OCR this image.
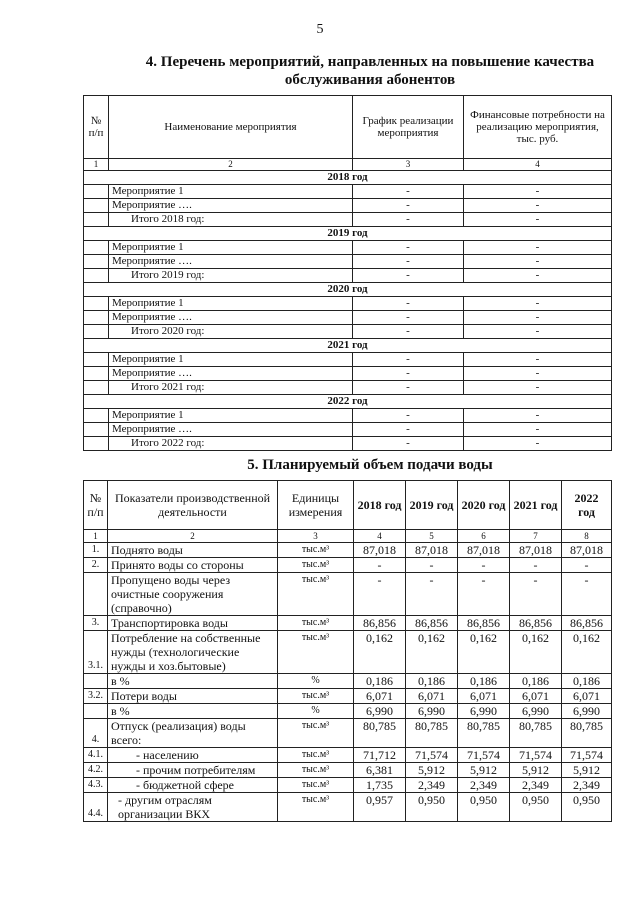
5
4. Перечень мероприятий, направленных на повышение качества
обслуживания абонентов
№ п/п	Наименование мероприятия	График реализации мероприятия	Финансовые потребности на реализацию мероприятия, тыс. руб.
1	2	3	4
2018 год			
	Мероприятие 1	-	-
	Мероприятие ….	-	-
	Итого 2018 год:	-	-
2019 год			
	Мероприятие 1	-	-
	Мероприятие ….	-	-
	Итого 2019 год:	-	-
2020 год			
	Мероприятие 1	-	-
	Мероприятие ….	-	-
	Итого 2020 год:	-	-
2021 год			
	Мероприятие 1	-	-
	Мероприятие ….	-	-
	Итого 2021 год:	-	-
2022 год			
	Мероприятие 1	-	-
	Мероприятие ….	-	-
	Итого 2022 год:	-	-
5. Планируемый объем подачи воды
№ п/п	Показатели производственной деятельности	Единицы измерения	2018 год	2019 год	2020 год	2021 год	2022 год
1	2	3	4	5	6	7	8
1.	Поднято воды	тыс.м³	87,018	87,018	87,018	87,018	87,018
2.	Принято воды со стороны	тыс.м³	-	-	-	-	-
	Пропущено воды через очистные сооружения (справочно)	тыс.м³	-	-	-	-	-
3.	Транспортировка воды	тыс.м³	86,856	86,856	86,856	86,856	86,856
3.1.	Потребление на собственные нужды (технологические нужды и хоз.бытовые)	тыс.м³	0,162	0,162	0,162	0,162	0,162
	в %	%	0,186	0,186	0,186	0,186	0,186
3.2.	Потери воды	тыс.м³	6,071	6,071	6,071	6,071	6,071
	в %	%	6,990	6,990	6,990	6,990	6,990
4.	Отпуск (реализация) воды всего:	тыс.м³	80,785	80,785	80,785	80,785	80,785
4.1.	- населению	тыс.м³	71,712	71,574	71,574	71,574	71,574
4.2.	- прочим потребителям	тыс.м³	6,381	5,912	5,912	5,912	5,912
4.3.	- бюджетной сфере	тыс.м³	1,735	2,349	2,349	2,349	2,349
4.4.	- другим отраслям организации ВКХ	тыс.м³	0,957	0,950	0,950	0,950	0,950
